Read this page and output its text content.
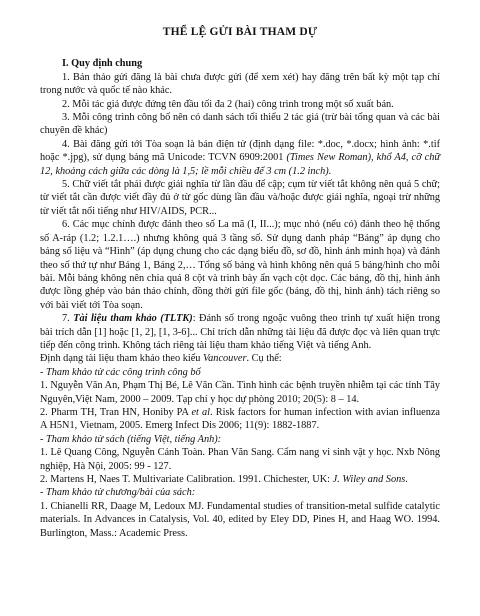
THỂ LỆ GỬI BÀI THAM DỰ

I. Quy định chung

1. Bản thảo gửi đăng là bài chưa được gửi (để xem xét) hay đăng trên bất kỳ một tạp chí trong nước và quốc tế nào khác.

2. Mỗi tác giả được đứng tên đầu tối đa 2 (hai) công trình trong một số xuất bản.

3. Mỗi công trình công bố nên có danh sách tối thiểu 2 tác giả (trừ bài tổng quan và các bài chuyên đề khác)

4. Bài đăng gửi tới Tòa soạn là bản điện tử (định dạng file: *.doc, *.docx; hình ảnh: *.tif hoặc *.jpg), sử dụng bảng mã Unicode: TCVN 6909:2001 (Times New Roman), khổ A4, cỡ chữ 12, khoảng cách giữa các dòng là 1,5; lề mỗi chiều để 3 cm (1.2 inch).

5. Chữ viết tắt phải được giải nghĩa từ lần đầu để cập; cụm từ viết tắt không nên quá 5 chữ; từ viết tắt cần được viết đầy đủ ở từ gốc dùng lần đầu và/hoặc được giải nghĩa, ngoại trừ những từ viết tắt nổi tiếng như HIV/AIDS, PCR...

6. Các mục chính được đánh theo số La mã (I, II...); mục nhỏ (nếu có) đánh theo hệ thống số A-ráp (1.2; 1.2.1….) nhưng không quá 3 tầng số. Sử dụng danh pháp “Bảng” áp dụng cho bảng số liệu và “Hình” (áp dụng chung cho các dạng biểu đồ, sơ đồ, hình ảnh minh họa) và đánh theo số thứ tự như Bảng 1, Bảng 2,… Tổng số bảng và hình không nên quá 5 bảng/hình cho mỗi bài. Mỗi bảng không nên chia quá 8 cột và trình bày ẩn vạch cột dọc. Các bảng, đồ thị, hình ảnh được lồng ghép vào bản thảo chính, đồng thời gửi file gốc (bảng, đồ thị, hình ảnh) tách riêng so với bài viết tới Tòa soạn.

7. Tài liệu tham khảo (TLTK): Đánh số trong ngoặc vuông theo trình tự xuất hiện trong bài trích dẫn [1] hoặc [1, 2], [1, 3-6]... Chỉ trích dẫn những tài liệu đã được đọc và liên quan trực tiếp đến công trình. Không tách riêng tài liệu tham khảo tiếng Việt và tiếng Anh.

Định dạng tài liệu tham khảo theo kiểu Vancouver. Cụ thể:

- Tham khảo từ các công trình công bố

1. Nguyễn Văn An, Phạm Thị Bé, Lê Văn Cần. Tình hình các bệnh truyền nhiễm tại các tỉnh Tây Nguyên,Việt Nam, 2000 – 2009. Tạp chí y học dự phòng 2010; 20(5): 8 – 14.

2. Pharm TH, Tran HN, Honiby PA et al. Risk factors for human infection with avian influenza A H5N1, Vietnam, 2005. Emerg Infect Dis 2006; 11(9): 1882-1887.

- Tham khảo từ sách (tiếng Việt, tiếng Anh):

1. Lê Quang Công, Nguyễn Cảnh Toàn. Phan Văn Sang. Cẩm nang vi sinh vật y học. Nxb Nông nghiệp, Hà Nội, 2005: 99 - 127.

2. Martens H, Naes T. Multivariate Calibration. 1991. Chichester, UK: J. Wiley and Sons.

- Tham khảo từ chương/bài của sách:

1. Chianelli RR, Daage M, Ledoux MJ. Fundamental studies of transition-metal sulfide catalytic materials. In Advances in Catalysis, Vol. 40, edited by Eley DD, Pines H, and Haag WO. 1994. Burlington, Mass.: Academic Press.
